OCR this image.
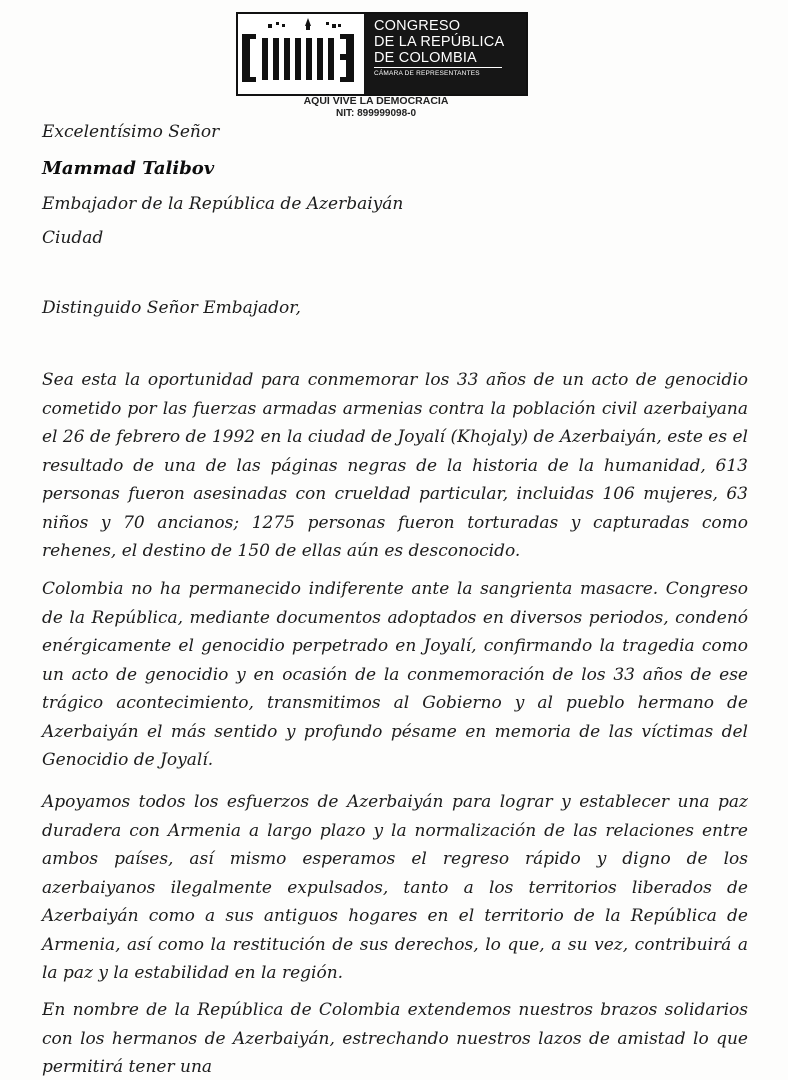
CONGRESO
DE LA REPÚBLICA
DE COLOMBIA
CÁMARA DE REPRESENTANTES
AQUÍ VIVE LA DEMOCRACIA
NIT: 899999098-0
Excelentísimo Señor
Mammad Talibov
Embajador de la República de Azerbaiyán
Ciudad
Distinguido Señor Embajador,
Sea esta la oportunidad para conmemorar los 33 años de un acto de genocidio cometido por las fuerzas armadas armenias contra la población civil azerbaiyana el 26 de febrero de 1992 en la ciudad de Joyalí (Khojaly) de Azerbaiyán, este es el resultado de una de las páginas negras de la historia de la humanidad, 613 personas fueron asesinadas con crueldad particular, incluidas 106 mujeres, 63 niños y 70 ancianos; 1275 personas fueron torturadas y capturadas como rehenes, el destino de 150 de ellas aún es desconocido.
Colombia no ha permanecido indiferente ante la sangrienta masacre. Congreso de la República, mediante documentos adoptados en diversos periodos, condenó enérgicamente el genocidio perpetrado en Joyalí, confirmando la tragedia como un acto de genocidio y en ocasión de la conmemoración de los 33 años de ese trágico acontecimiento, transmitimos al Gobierno y al pueblo hermano de Azerbaiyán el más sentido y profundo pésame en memoria de las víctimas del Genocidio de Joyalí.
Apoyamos todos los esfuerzos de Azerbaiyán para lograr y establecer una paz duradera con Armenia a largo plazo y la normalización de las relaciones entre ambos países, así mismo esperamos el regreso rápido y digno de los azerbaiyanos ilegalmente expulsados, tanto a los territorios liberados de Azerbaiyán como a sus antiguos hogares en el territorio de la República de Armenia, así como la restitución de sus derechos, lo que, a su vez, contribuirá a la paz y la estabilidad en la región.
En nombre de la República de Colombia extendemos nuestros brazos solidarios con los hermanos de Azerbaiyán, estrechando nuestros lazos de amistad lo que permitirá tener una
